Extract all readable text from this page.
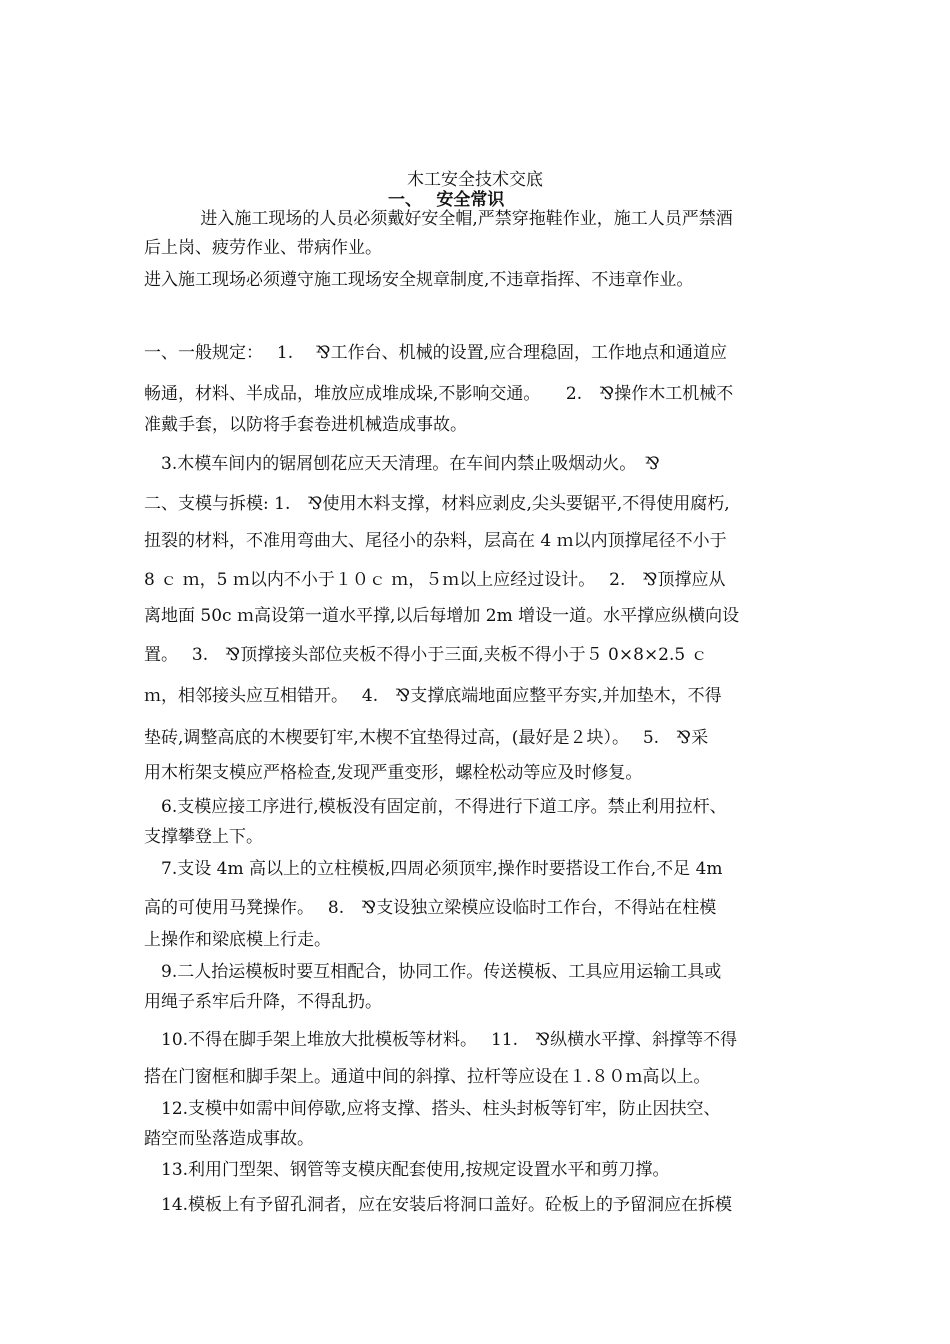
木工安全技术交底
一、　 安全常识
　　　 进入施工现场的人员必须戴好安全帽,严禁穿拖鞋作业，施工人员严禁酒
后上岗、疲劳作业、带病作业。
进入施工现场必须遵守施工现场安全规章制度,不违章指挥、不违章作业。
一、一般规定：　 1.　 ⅋工作台、机械的设置,应合理稳固，工作地点和通道应
畅通，材料、半成品，堆放应成堆成垛,不影响交通。　　2.　⅋操作木工机械不
准戴手套，以防将手套卷进机械造成事故。
　3.木模车间内的锯屑刨花应天天清理。在车间内禁止吸烟动火。　⅋
二、支模与拆模: 1.　⅋使用木料支撑，材料应剥皮,尖头要锯平,不得使用腐朽,
扭裂的材料，不准用弯曲大、尾径小的杂料，层高在 4 ｍ以内顶撑尾径不小于
8 ｃ ｍ，5 ｍ以内不小于１０ｃ ｍ，５ｍ以上应经过设计。　 2.　⅋顶撑应从
离地面 50c ｍ高设第一道水平撑,以后每增加 2m 增设一道。水平撑应纵横向设
置。　 3.　⅋顶撑接头部位夹板不得小于三面,夹板不得小于５ 0×8×2.5 ｃ
ｍ，相邻接头应互相错开。　 4.　⅋支撑底端地面应整平夯实,并加垫木，不得
垫砖,调整高底的木楔要钉牢,木楔不宜垫得过高，(最好是２块）。　 5.　⅋采
用木桁架支模应严格检查,发现严重变形，螺栓松动等应及时修复。
　6.支模应接工序进行,模板没有固定前，不得进行下道工序。禁止利用拉杆、
支撑攀登上下。
　7.支设 4m 高以上的立柱模板,四周必须顶牢,操作时要搭设工作台,不足 4m
高的可使用马凳操作。　 8.　⅋支设独立梁模应设临时工作台，不得站在柱模
上操作和梁底模上行走。
　9.二人抬运模板时要互相配合，协同工作。传送模板、工具应用运输工具或
用绳子系牢后升降，不得乱扔。
　10.不得在脚手架上堆放大批模板等材料。　 11.　⅋纵横水平撑、斜撑等不得
搭在门窗框和脚手架上。通道中间的斜撑、拉杆等应设在１.８０ｍ高以上。
　12.支模中如需中间停歇,应将支撑、搭头、柱头封板等钉牢，防止因扶空、
踏空而坠落造成事故。
　13.利用门型架、钢管等支模庆配套使用,按规定设置水平和剪刀撑。
　14.模板上有予留孔洞者，应在安装后将洞口盖好。砼板上的予留洞应在拆模
